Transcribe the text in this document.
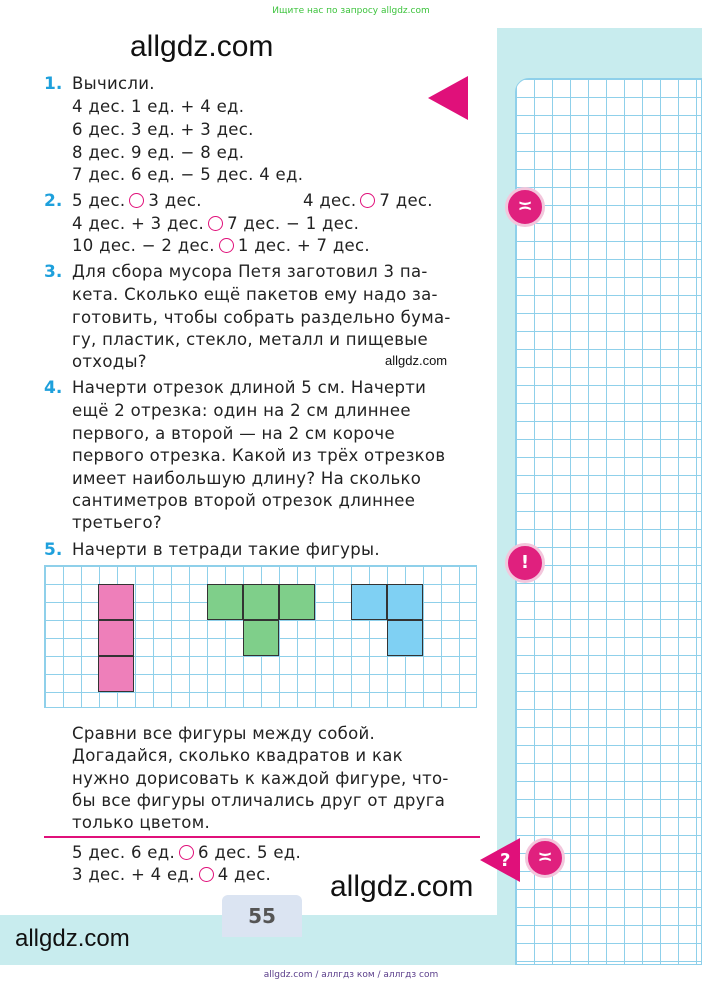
Ищите нас по запросу allgdz.com
allgdz.com
allgdz.com
allgdz.com
allgdz.com
≍
!
≍
?
1. Вычисли.
4 дес. 1 ед. + 4 ед.
6 дес. 3 ед. + 3 дес.
8 дес. 9 ед. − 8 ед.
7 дес. 6 ед. − 5 дес. 4 ед.
2. 5 дес. 3 дес.	4 дес. 7 дес.
4 дес. + 3 дес. 7 дес. − 1 дес.
10 дес. − 2 дес. 1 дес. + 7 дес.
3. Для сбора мусора Петя заготовил 3 па-
кета. Сколько ещё пакетов ему надо за-
готовить, чтобы собрать раздельно бума-
гу, пластик, стекло, металл и пищевые
отходы?
4. Начерти отрезок длиной 5 см. Начерти
ещё 2 отрезка: один на 2 см длиннее
первого, а второй — на 2 см короче
первого отрезка. Какой из трёх отрезков
имеет наибольшую длину? На сколько
сантиметров второй отрезок длиннее
третьего?
5. Начерти в тетради такие фигуры.
Сравни все фигуры между собой.
Догадайся, сколько квадратов и как
нужно дорисовать к каждой фигуре, что-
бы все фигуры отличались друг от друга
только цветом.
5 дес. 6 ед. 6 дес. 5 ед.
3 дес. + 4 ед. 4 дес.
55
allgdz.com / аллгдз ком / аллгдз com
